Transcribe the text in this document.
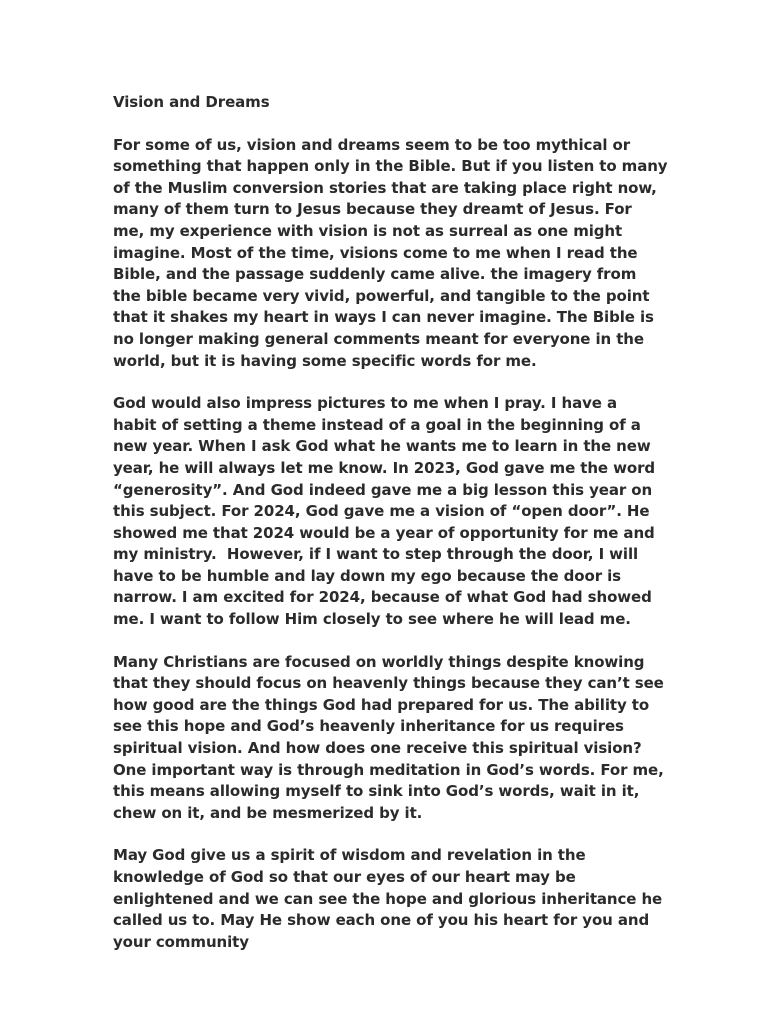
Vision and Dreams
For some of us, vision and dreams seem to be too mythical or
something that happen only in the Bible. But if you listen to many
of the Muslim conversion stories that are taking place right now,
many of them turn to Jesus because they dreamt of Jesus. For
me, my experience with vision is not as surreal as one might
imagine. Most of the time, visions come to me when I read the
Bible, and the passage suddenly came alive. the imagery from
the bible became very vivid, powerful, and tangible to the point
that it shakes my heart in ways I can never imagine. The Bible is
no longer making general comments meant for everyone in the
world, but it is having some specific words for me.
God would also impress pictures to me when I pray. I have a
habit of setting a theme instead of a goal in the beginning of a
new year. When I ask God what he wants me to learn in the new
year, he will always let me know. In 2023, God gave me the word
“generosity”. And God indeed gave me a big lesson this year on
this subject. For 2024, God gave me a vision of “open door”. He
showed me that 2024 would be a year of opportunity for me and
my ministry.  However, if I want to step through the door, I will
have to be humble and lay down my ego because the door is
narrow. I am excited for 2024, because of what God had showed
me. I want to follow Him closely to see where he will lead me.
Many Christians are focused on worldly things despite knowing
that they should focus on heavenly things because they can’t see
how good are the things God had prepared for us. The ability to
see this hope and God’s heavenly inheritance for us requires
spiritual vision. And how does one receive this spiritual vision?
One important way is through meditation in God’s words. For me,
this means allowing myself to sink into God’s words, wait in it,
chew on it, and be mesmerized by it.
May God give us a spirit of wisdom and revelation in the
knowledge of God so that our eyes of our heart may be
enlightened and we can see the hope and glorious inheritance he
called us to. May He show each one of you his heart for you and
your community
